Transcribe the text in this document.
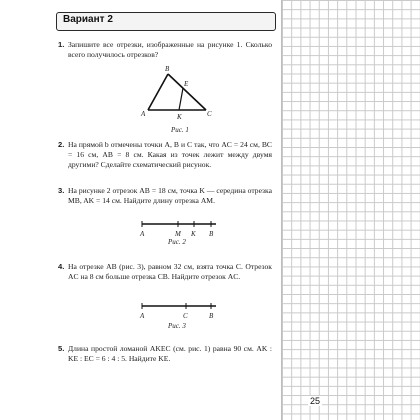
Вариант 2
1. Запишите все отрезки, изображенные на рисунке 1. Сколько всего получилось отрезков?
B
E
A	K	C
Рис. 1
2. На прямой b отмечены точки A, B и C так, что AC = 24 см, BC = 16 см, AB = 8 см. Какая из точек лежит между двумя другими? Сделайте схематический рисунок.
3. На рисунке 2 отрезок AB = 18 см, точка K — середина отрезка MB, AK = 14 см. Найдите длину отрезка AM.
A	M K B
Рис. 2
4. На отрезке AB (рис. 3), равном 32 см, взята точка C. Отрезок AC на 8 см больше отрезка CB. Найдите отрезок AC.
A	C	B
Рис. 3
5. Длина простой ломаной AKEC (см. рис. 1) равна 90 см. AK : KE : EC = 6 : 4 : 5. Найдите KE.
25
